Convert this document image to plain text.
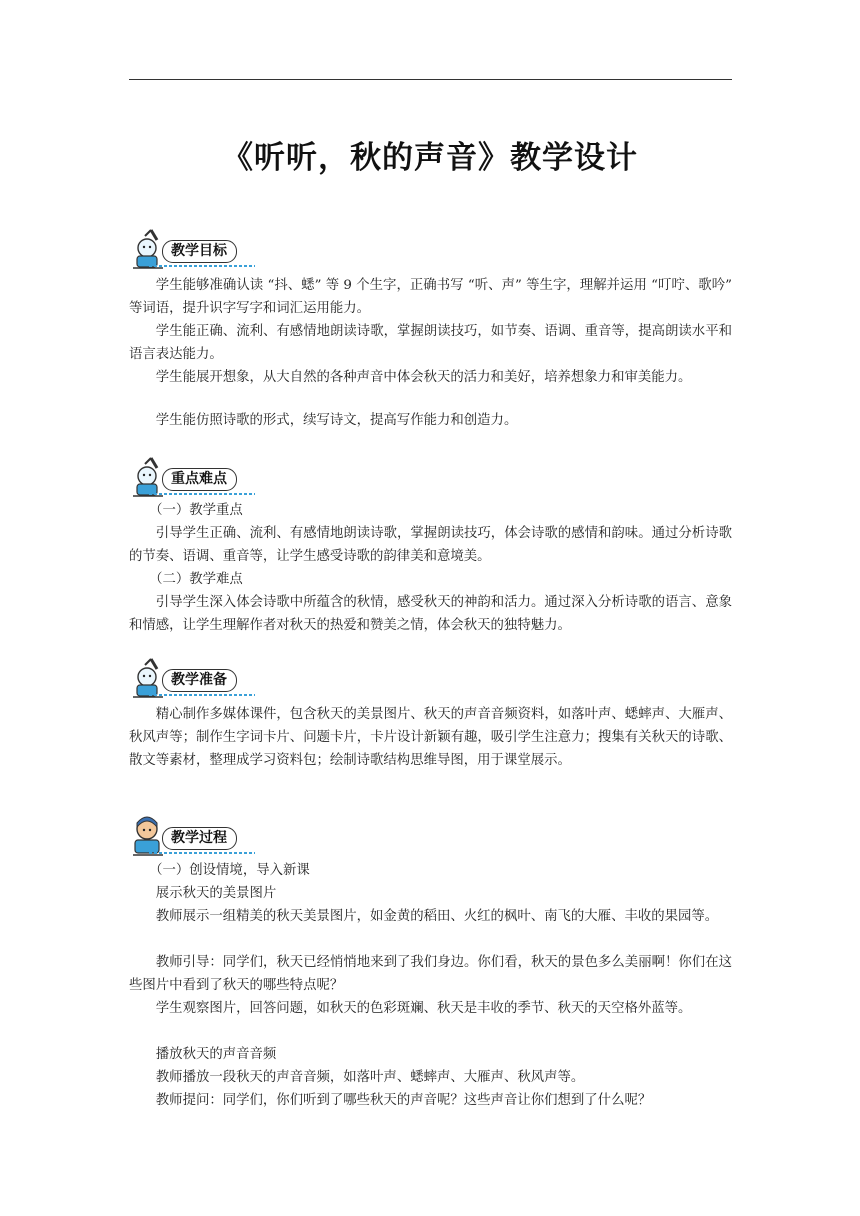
《听听，秋的声音》教学设计
教学目标

学生能够准确认读 “抖、蟋” 等 9 个生字，正确书写 “听、声” 等生字，理解并运用 “叮咛、歌吟” 等词语，提升识字写字和词汇运用能力。

学生能正确、流利、有感情地朗读诗歌，掌握朗读技巧，如节奏、语调、重音等，提高朗读水平和语言表达能力。

学生能展开想象，从大自然的各种声音中体会秋天的活力和美好，培养想象力和审美能力。

学生能仿照诗歌的形式，续写诗文，提高写作能力和创造力。

重点难点

（一）教学重点

引导学生正确、流利、有感情地朗读诗歌，掌握朗读技巧，体会诗歌的感情和韵味。通过分析诗歌的节奏、语调、重音等，让学生感受诗歌的韵律美和意境美。

（二）教学难点

引导学生深入体会诗歌中所蕴含的秋情，感受秋天的神韵和活力。通过深入分析诗歌的语言、意象和情感，让学生理解作者对秋天的热爱和赞美之情，体会秋天的独特魅力。

教学准备

精心制作多媒体课件，包含秋天的美景图片、秋天的声音音频资料，如落叶声、蟋蟀声、大雁声、秋风声等；制作生字词卡片、问题卡片，卡片设计新颖有趣，吸引学生注意力；搜集有关秋天的诗歌、散文等素材，整理成学习资料包；绘制诗歌结构思维导图，用于课堂展示。

教学过程

（一）创设情境，导入新课

展示秋天的美景图片

教师展示一组精美的秋天美景图片，如金黄的稻田、火红的枫叶、南飞的大雁、丰收的果园等。

教师引导：同学们，秋天已经悄悄地来到了我们身边。你们看，秋天的景色多么美丽啊！你们在这些图片中看到了秋天的哪些特点呢？

学生观察图片，回答问题，如秋天的色彩斑斓、秋天是丰收的季节、秋天的天空格外蓝等。

播放秋天的声音音频

教师播放一段秋天的声音音频，如落叶声、蟋蟀声、大雁声、秋风声等。

教师提问：同学们，你们听到了哪些秋天的声音呢？这些声音让你们想到了什么呢？
